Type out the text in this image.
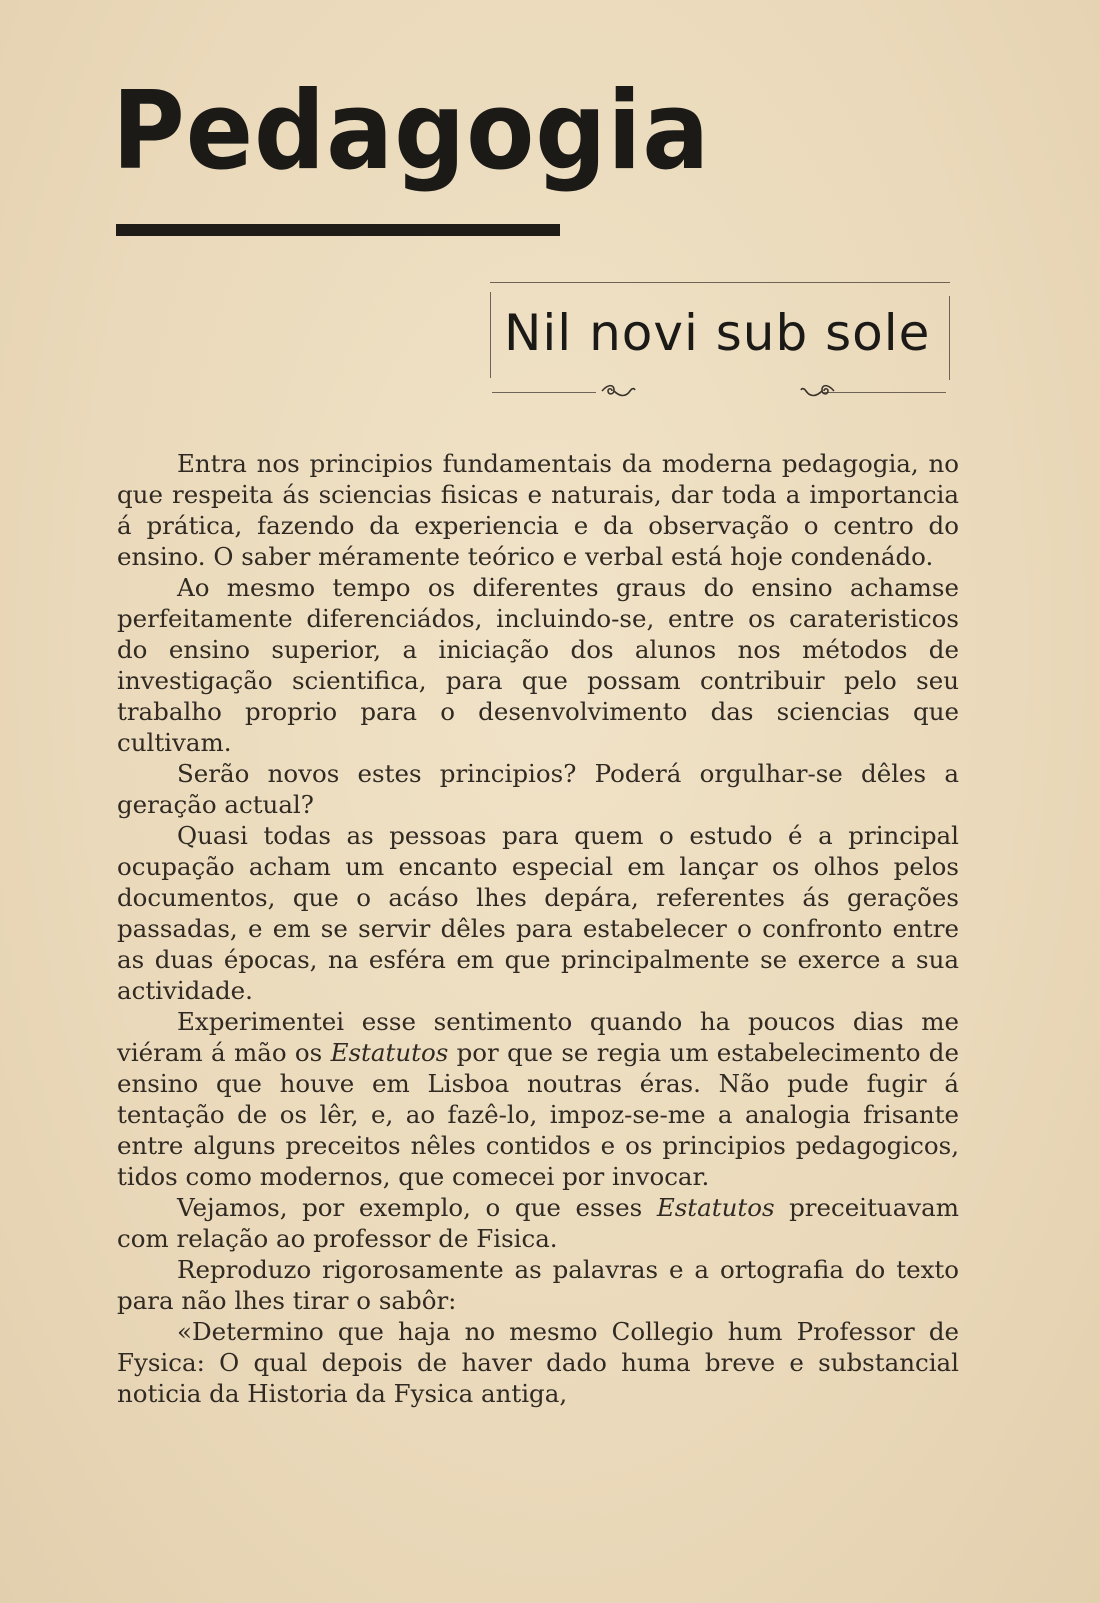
Pedagogia
Nil novi sub sole

Entra nos principios fundamentais da moderna pedagogia, no que respeita ás sciencias fisicas e naturais, dar toda a importancia á prática, fazendo da experiencia e da observação o centro do ensino. O saber méramente teórico e verbal está hoje condenádo.

Ao mesmo tempo os diferentes graus do ensino achamse perfeitamente diferenciádos, incluindo-se, entre os carateristicos do ensino superior, a iniciação dos alunos nos métodos de investigação scientifica, para que possam contribuir pelo seu trabalho proprio para o desenvolvimento das sciencias que cultivam.

Serão novos estes principios? Poderá orgulhar-se dêles a geração actual?

Quasi todas as pessoas para quem o estudo é a principal ocupação acham um encanto especial em lançar os olhos pelos documentos, que o acáso lhes depára, referentes ás gerações passadas, e em se servir dêles para estabelecer o confronto entre as duas épocas, na esféra em que principalmente se exerce a sua actividade.

Experimentei esse sentimento quando ha poucos dias me viéram á mão os Estatutos por que se regia um estabelecimento de ensino que houve em Lisboa noutras éras. Não pude fugir á tentação de os lêr, e, ao fazê-lo, impoz-se-me a analogia frisante entre alguns preceitos nêles contidos e os principios pedagogicos, tidos como modernos, que comecei por invocar.

Vejamos, por exemplo, o que esses Estatutos preceituavam com relação ao professor de Fisica.

Reproduzo rigorosamente as palavras e a ortografia do texto para não lhes tirar o sabôr:

«Determino que haja no mesmo Collegio hum Professor de Fysica: O qual depois de haver dado huma breve e substancial noticia da Historia da Fysica antiga,
